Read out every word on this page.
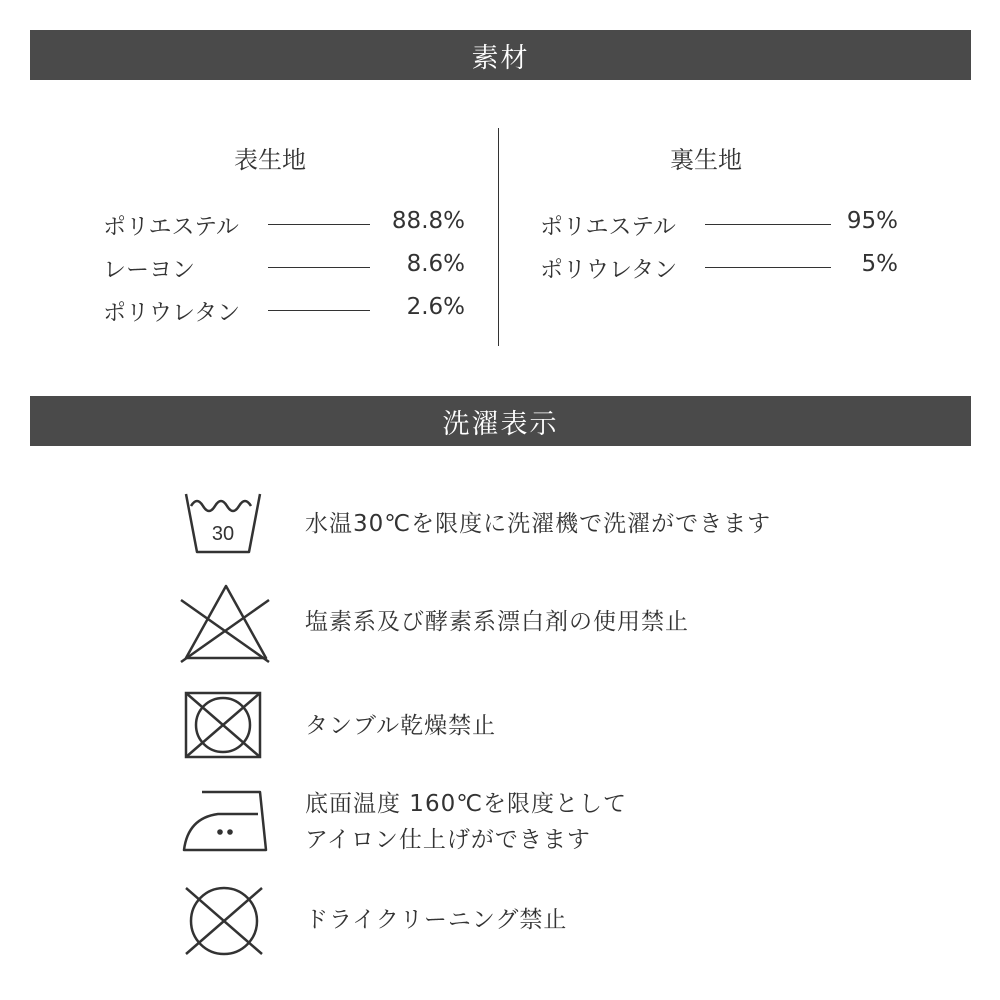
素材
表生地	裏生地
ポリエステル	88.8%
レーヨン	8.6%
ポリウレタン	2.6%
ポリエステル	95%
ポリウレタン	5%
洗濯表示
30	水温30℃を限度に洗濯機で洗濯ができます
塩素系及び酵素系漂白剤の使用禁止
タンブル乾燥禁止
底面温度 160℃を限度として
アイロン仕上げができます
ドライクリーニング禁止
